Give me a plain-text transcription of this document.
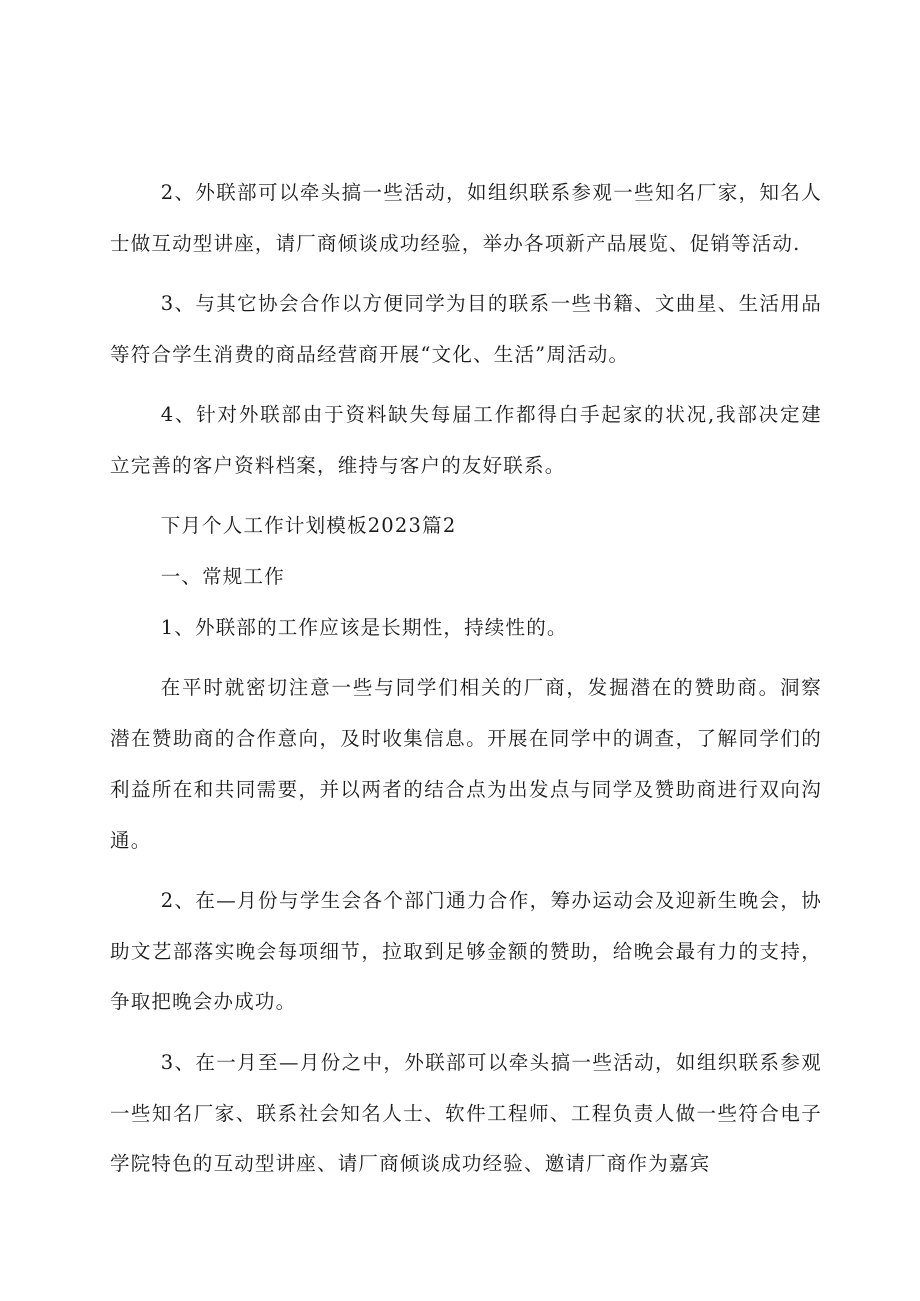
2、外联部可以牵头搞一些活动，如组织联系参观一些知名厂家，知名人士做互动型讲座，请厂商倾谈成功经验，举办各项新产品展览、促销等活动.

3、与其它协会合作以方便同学为目的联系一些书籍、文曲星、生活用品等符合学生消费的商品经营商开展“文化、生活”周活动。

4、针对外联部由于资料缺失每届工作都得白手起家的状况,我部决定建立完善的客户资料档案，维持与客户的友好联系。

下月个人工作计划模板2023篇2

一、常规工作

1、外联部的工作应该是长期性，持续性的。

在平时就密切注意一些与同学们相关的厂商，发掘潜在的赞助商。洞察潜在赞助商的合作意向，及时收集信息。开展在同学中的调查，了解同学们的利益所在和共同需要，并以两者的结合点为出发点与同学及赞助商进行双向沟通。

2、在—月份与学生会各个部门通力合作，筹办运动会及迎新生晚会，协助文艺部落实晚会每项细节，拉取到足够金额的赞助，给晚会最有力的支持，争取把晚会办成功。

3、在一月至—月份之中，外联部可以牵头搞一些活动，如组织联系参观一些知名厂家、联系社会知名人士、软件工程师、工程负责人做一些符合电子学院特色的互动型讲座、请厂商倾谈成功经验、邀请厂商作为嘉宾
